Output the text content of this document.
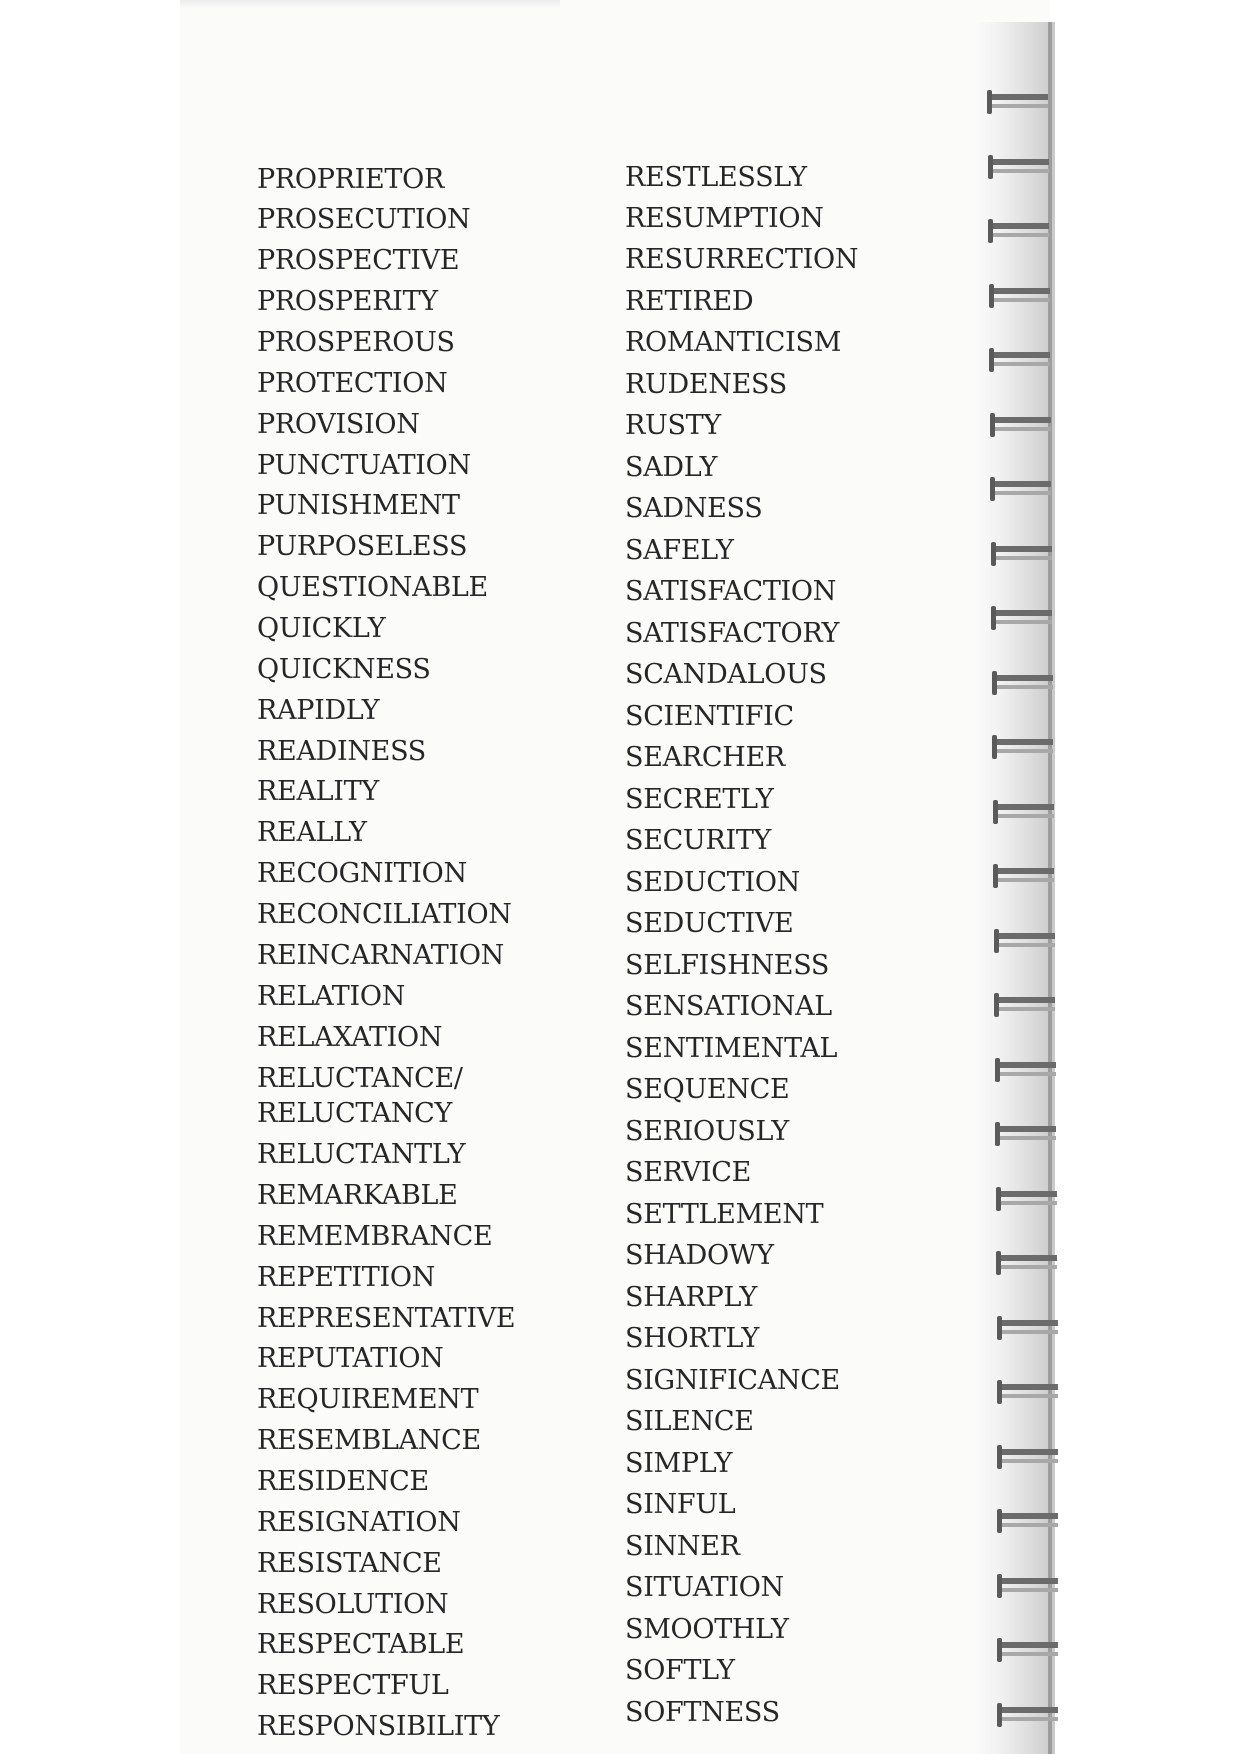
PROPRIETOR
PROSECUTION
PROSPECTIVE
PROSPERITY
PROSPEROUS
PROTECTION
PROVISION
PUNCTUATION
PUNISHMENT
PURPOSELESS
QUESTIONABLE
QUICKLY
QUICKNESS
RAPIDLY
READINESS
REALITY
REALLY
RECOGNITION
RECONCILIATION
REINCARNATION
RELATION
RELAXATION
RELUCTANCE/
RELUCTANCY
RELUCTANTLY
REMARKABLE
REMEMBRANCE
REPETITION
REPRESENTATIVE
REPUTATION
REQUIREMENT
RESEMBLANCE
RESIDENCE
RESIGNATION
RESISTANCE
RESOLUTION
RESPECTABLE
RESPECTFUL
RESPONSIBILITY
RESTLESSLY
RESUMPTION
RESURRECTION
RETIRED
ROMANTICISM
RUDENESS
RUSTY
SADLY
SADNESS
SAFELY
SATISFACTION
SATISFACTORY
SCANDALOUS
SCIENTIFIC
SEARCHER
SECRETLY
SECURITY
SEDUCTION
SEDUCTIVE
SELFISHNESS
SENSATIONAL
SENTIMENTAL
SEQUENCE
SERIOUSLY
SERVICE
SETTLEMENT
SHADOWY
SHARPLY
SHORTLY
SIGNIFICANCE
SILENCE
SIMPLY
SINFUL
SINNER
SITUATION
SMOOTHLY
SOFTLY
SOFTNESS
